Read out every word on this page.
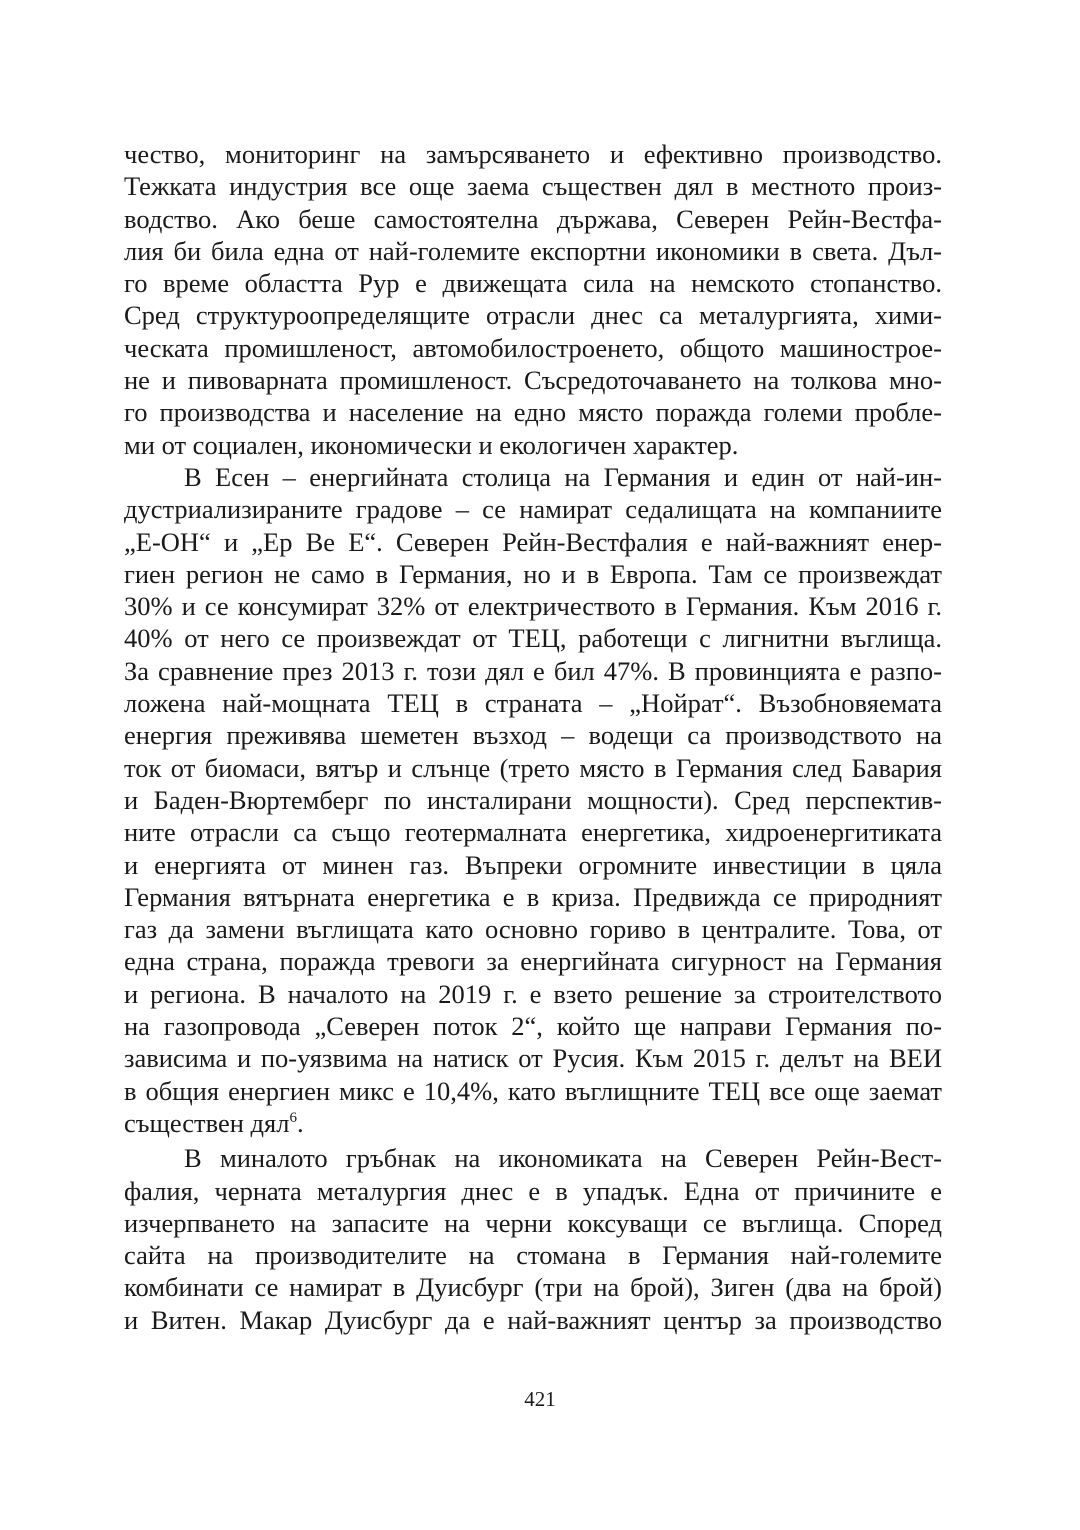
чество, мониторинг на замърсяването и ефективно производство.
Тежката индустрия все още заема съществен дял в местното произ-
водство. Ако беше самостоятелна държава, Северен Рейн-Вестфа-
лия би била една от най-големите експортни икономики в света. Дъл-
го време областта Рур е движещата сила на немското стопанство.
Сред структуроопределящите отрасли днес са металургията, хими-
ческата промишленост, автомобилостроенето, общото машинострое-
не и пивоварната промишленост. Съсредоточаването на толкова мно-
го производства и население на едно място поражда големи пробле-
ми от социален, икономически и екологичен характер.
В Есен – енергийната столица на Германия и един от най-ин-
дустриализираните градове – се намират седалищата на компаниите
„Е-ОН“ и „Ер Ве Е“. Северен Рейн-Вестфалия е най-важният енер-
гиен регион не само в Германия, но и в Европа. Там се произвеждат
30% и се консумират 32% от електричеството в Германия. Към 2016 г.
40% от него се произвеждат от ТЕЦ, работещи с лигнитни въглища.
За сравнение през 2013 г. този дял е бил 47%. В провинцията е разпо-
ложена най-мощната ТЕЦ в страната – „Нойрат“. Възобновяемата
енергия преживява шеметен възход – водещи са производството на
ток от биомаси, вятър и слънце (трето място в Германия след Бавария
и Баден-Вюртемберг по инсталирани мощности). Сред перспектив-
ните отрасли са също геотермалната енергетика, хидроенергитиката
и енергията от минен газ. Въпреки огромните инвестиции в цяла
Германия вятърната енергетика е в криза. Предвижда се природният
газ да замени въглищата като основно гориво в централите. Това, от
една страна, поражда тревоги за енергийната сигурност на Германия
и региона. В началото на 2019 г. е взето решение за строителството
на газопровода „Северен поток 2“, който ще направи Германия по-
зависима и по-уязвима на натиск от Русия. Към 2015 г. делът на ВЕИ
в общия енергиен микс е 10,4%, като въглищните ТЕЦ все още заемат
съществен дял$^6$.
В миналото гръбнак на икономиката на Северен Рейн-Вест-
фалия, черната металургия днес е в упадък. Една от причините е
изчерпването на запасите на черни коксуващи се въглища. Според
сайта на производителите на стомана в Германия най-големите
комбинати се намират в Дуисбург (три на брой), Зиген (два на брой)
и Витен. Макар Дуисбург да е най-важният център за производство
421
